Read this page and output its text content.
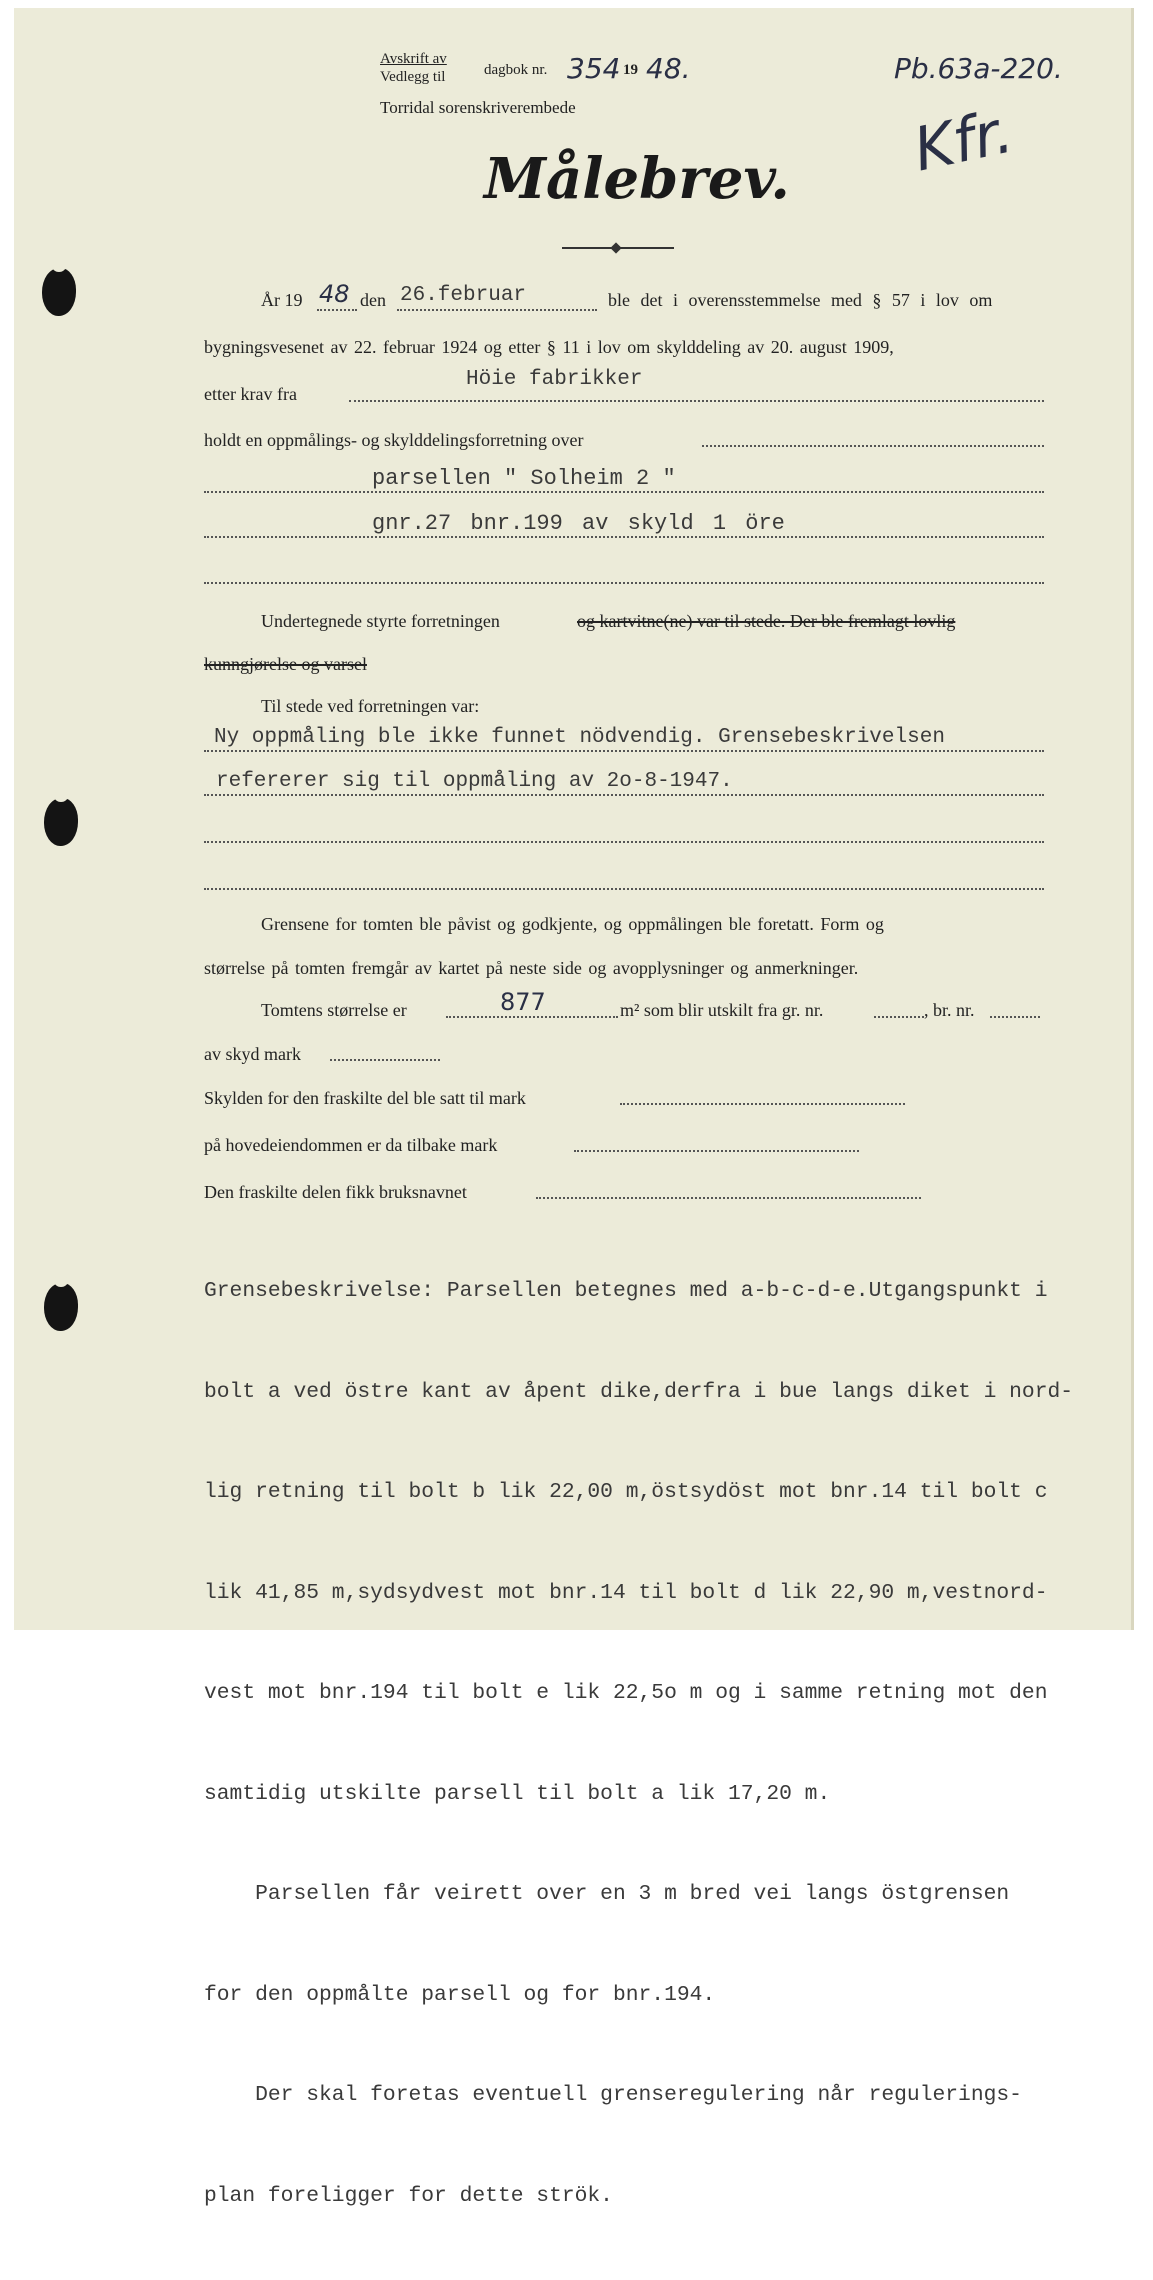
Avskrift av
Vedlegg til	dagbok nr. 354 19 48.
Torridal sorenskriverembede
Pb.63a-220.
Kfr.
Målebrev.
År 19 48 den 26.februar	ble det i overensstemmelse med § 57 i lov om
bygningsvesenet av 22. februar 1924 og etter § 11 i lov om skylddeling av 20. august 1909,
etter krav fra
Höie fabrikker
holdt en oppmålings- og skylddelingsforretning over
parsellen " Solheim 2 "
gnr.27 bnr.199 av skyld 1 öre
Undertegnede styrte forretningen	og kartvitne(ne) var til stede. Der ble fremlagt lovlig
kunngjørelse og varsel
Til stede ved forretningen var:
Ny oppmåling ble ikke funnet nödvendig. Grensebeskrivelsen
refererer sig til oppmåling av 2o-8-1947.
Grensene for tomten ble påvist og godkjente, og oppmålingen ble foretatt. Form og
størrelse på tomten fremgår av kartet på neste side og avopplysninger og anmerkninger.
Tomtens størrelse er	877	m² som blir utskilt fra gr. nr.	, br. nr.
av skyd mark
Skylden for den fraskilte del ble satt til mark
på hovedeiendommen er da tilbake mark
Den fraskilte delen fikk bruksnavnet

Grensebeskrivelse: Parsellen betegnes med a-b-c-d-e.Utgangspunkt i

bolt a ved östre kant av åpent dike,derfra i bue langs diket i nord-

lig retning til bolt b lik 22,00 m,östsydöst mot bnr.14 til bolt c

lik 41,85 m,sydsydvest mot bnr.14 til bolt d lik 22,90 m,vestnord-

vest mot bnr.194 til bolt e lik 22,5o m og i samme retning mot den

samtidig utskilte parsell til bolt a lik 17,20 m.

Parsellen får veirett over en 3 m bred vei langs östgrensen

for den oppmålte parsell og for bnr.194.

Der skal foretas eventuell grenseregulering når regulerings-

plan foreligger for dette strök.
